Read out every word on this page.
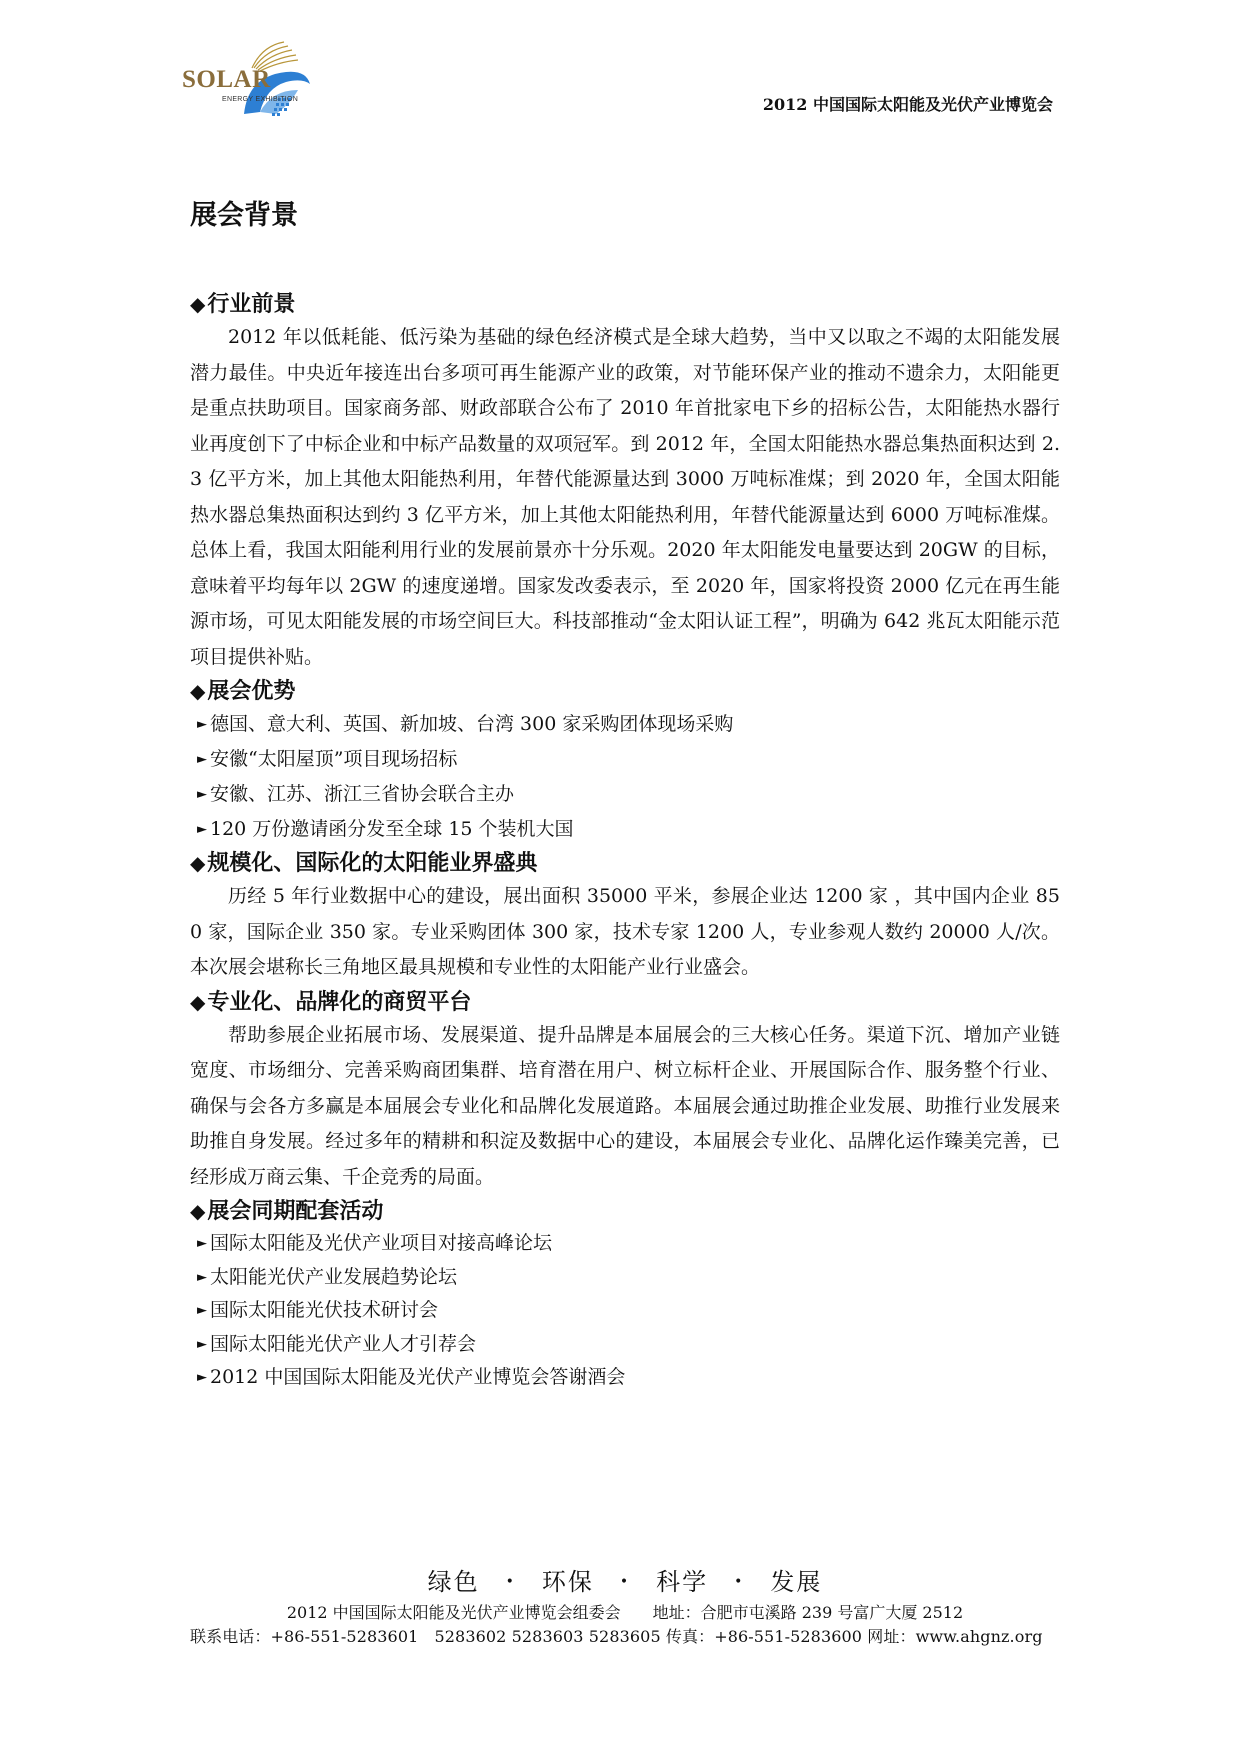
SOLAR
ENERGY EXHIBITION	2012 中国国际太阳能及光伏产业博览会
展会背景
◆行业前景

2012 年以低耗能、低污染为基础的绿色经济模式是全球大趋势，当中又以取之不竭的太阳能发展潜力最佳。中央近年接连出台多项可再生能源产业的政策，对节能环保产业的推动不遗余力，太阳能更是重点扶助项目。国家商务部、财政部联合公布了 2010 年首批家电下乡的招标公告，太阳能热水器行业再度创下了中标企业和中标产品数量的双项冠军。到 2012 年，全国太阳能热水器总集热面积达到 2.3 亿平方米，加上其他太阳能热利用，年替代能源量达到 3000 万吨标准煤；到 2020 年，全国太阳能热水器总集热面积达到约 3 亿平方米，加上其他太阳能热利用，年替代能源量达到 6000 万吨标准煤。总体上看，我国太阳能利用行业的发展前景亦十分乐观。2020 年太阳能发电量要达到 20GW 的目标，意味着平均每年以 2GW 的速度递增。国家发改委表示，至 2020 年，国家将投资 2000 亿元在再生能源市场，可见太阳能发展的市场空间巨大。科技部推动“金太阳认证工程”，明确为 642 兆瓦太阳能示范项目提供补贴。

◆展会优势
► 德国、意大利、英国、新加坡、台湾 300 家采购团体现场采购
► 安徽“太阳屋顶”项目现场招标
► 安徽、江苏、浙江三省协会联合主办
► 120 万份邀请函分发至全球 15 个装机大国
◆规模化、国际化的太阳能业界盛典

历经 5 年行业数据中心的建设，展出面积 35000 平米，参展企业达 1200 家 ，其中国内企业 850 家，国际企业 350 家。专业采购团体 300 家，技术专家 1200 人，专业参观人数约 20000 人/次。本次展会堪称长三角地区最具规模和专业性的太阳能产业行业盛会。

◆专业化、品牌化的商贸平台

帮助参展企业拓展市场、发展渠道、提升品牌是本届展会的三大核心任务。渠道下沉、增加产业链宽度、市场细分、完善采购商团集群、培育潜在用户、树立标杆企业、开展国际合作、服务整个行业、确保与会各方多赢是本届展会专业化和品牌化发展道路。本届展会通过助推企业发展、助推行业发展来助推自身发展。经过多年的精耕和积淀及数据中心的建设，本届展会专业化、品牌化运作臻美完善，已经形成万商云集、千企竞秀的局面。

◆展会同期配套活动
► 国际太阳能及光伏产业项目对接高峰论坛
► 太阳能光伏产业发展趋势论坛
► 国际太阳能光伏技术研讨会
► 国际太阳能光伏产业人才引荐会
► 2012 中国国际太阳能及光伏产业博览会答谢酒会
绿色 • 环保 • 科学 • 发展
2012 中国国际太阳能及光伏产业博览会组委会　　地址：合肥市屯溪路 239 号富广大厦 2512
联系电话：+86-551-5283601　5283602 5283603 5283605 传真：+86-551-5283600 网址：www.ahgnz.org
